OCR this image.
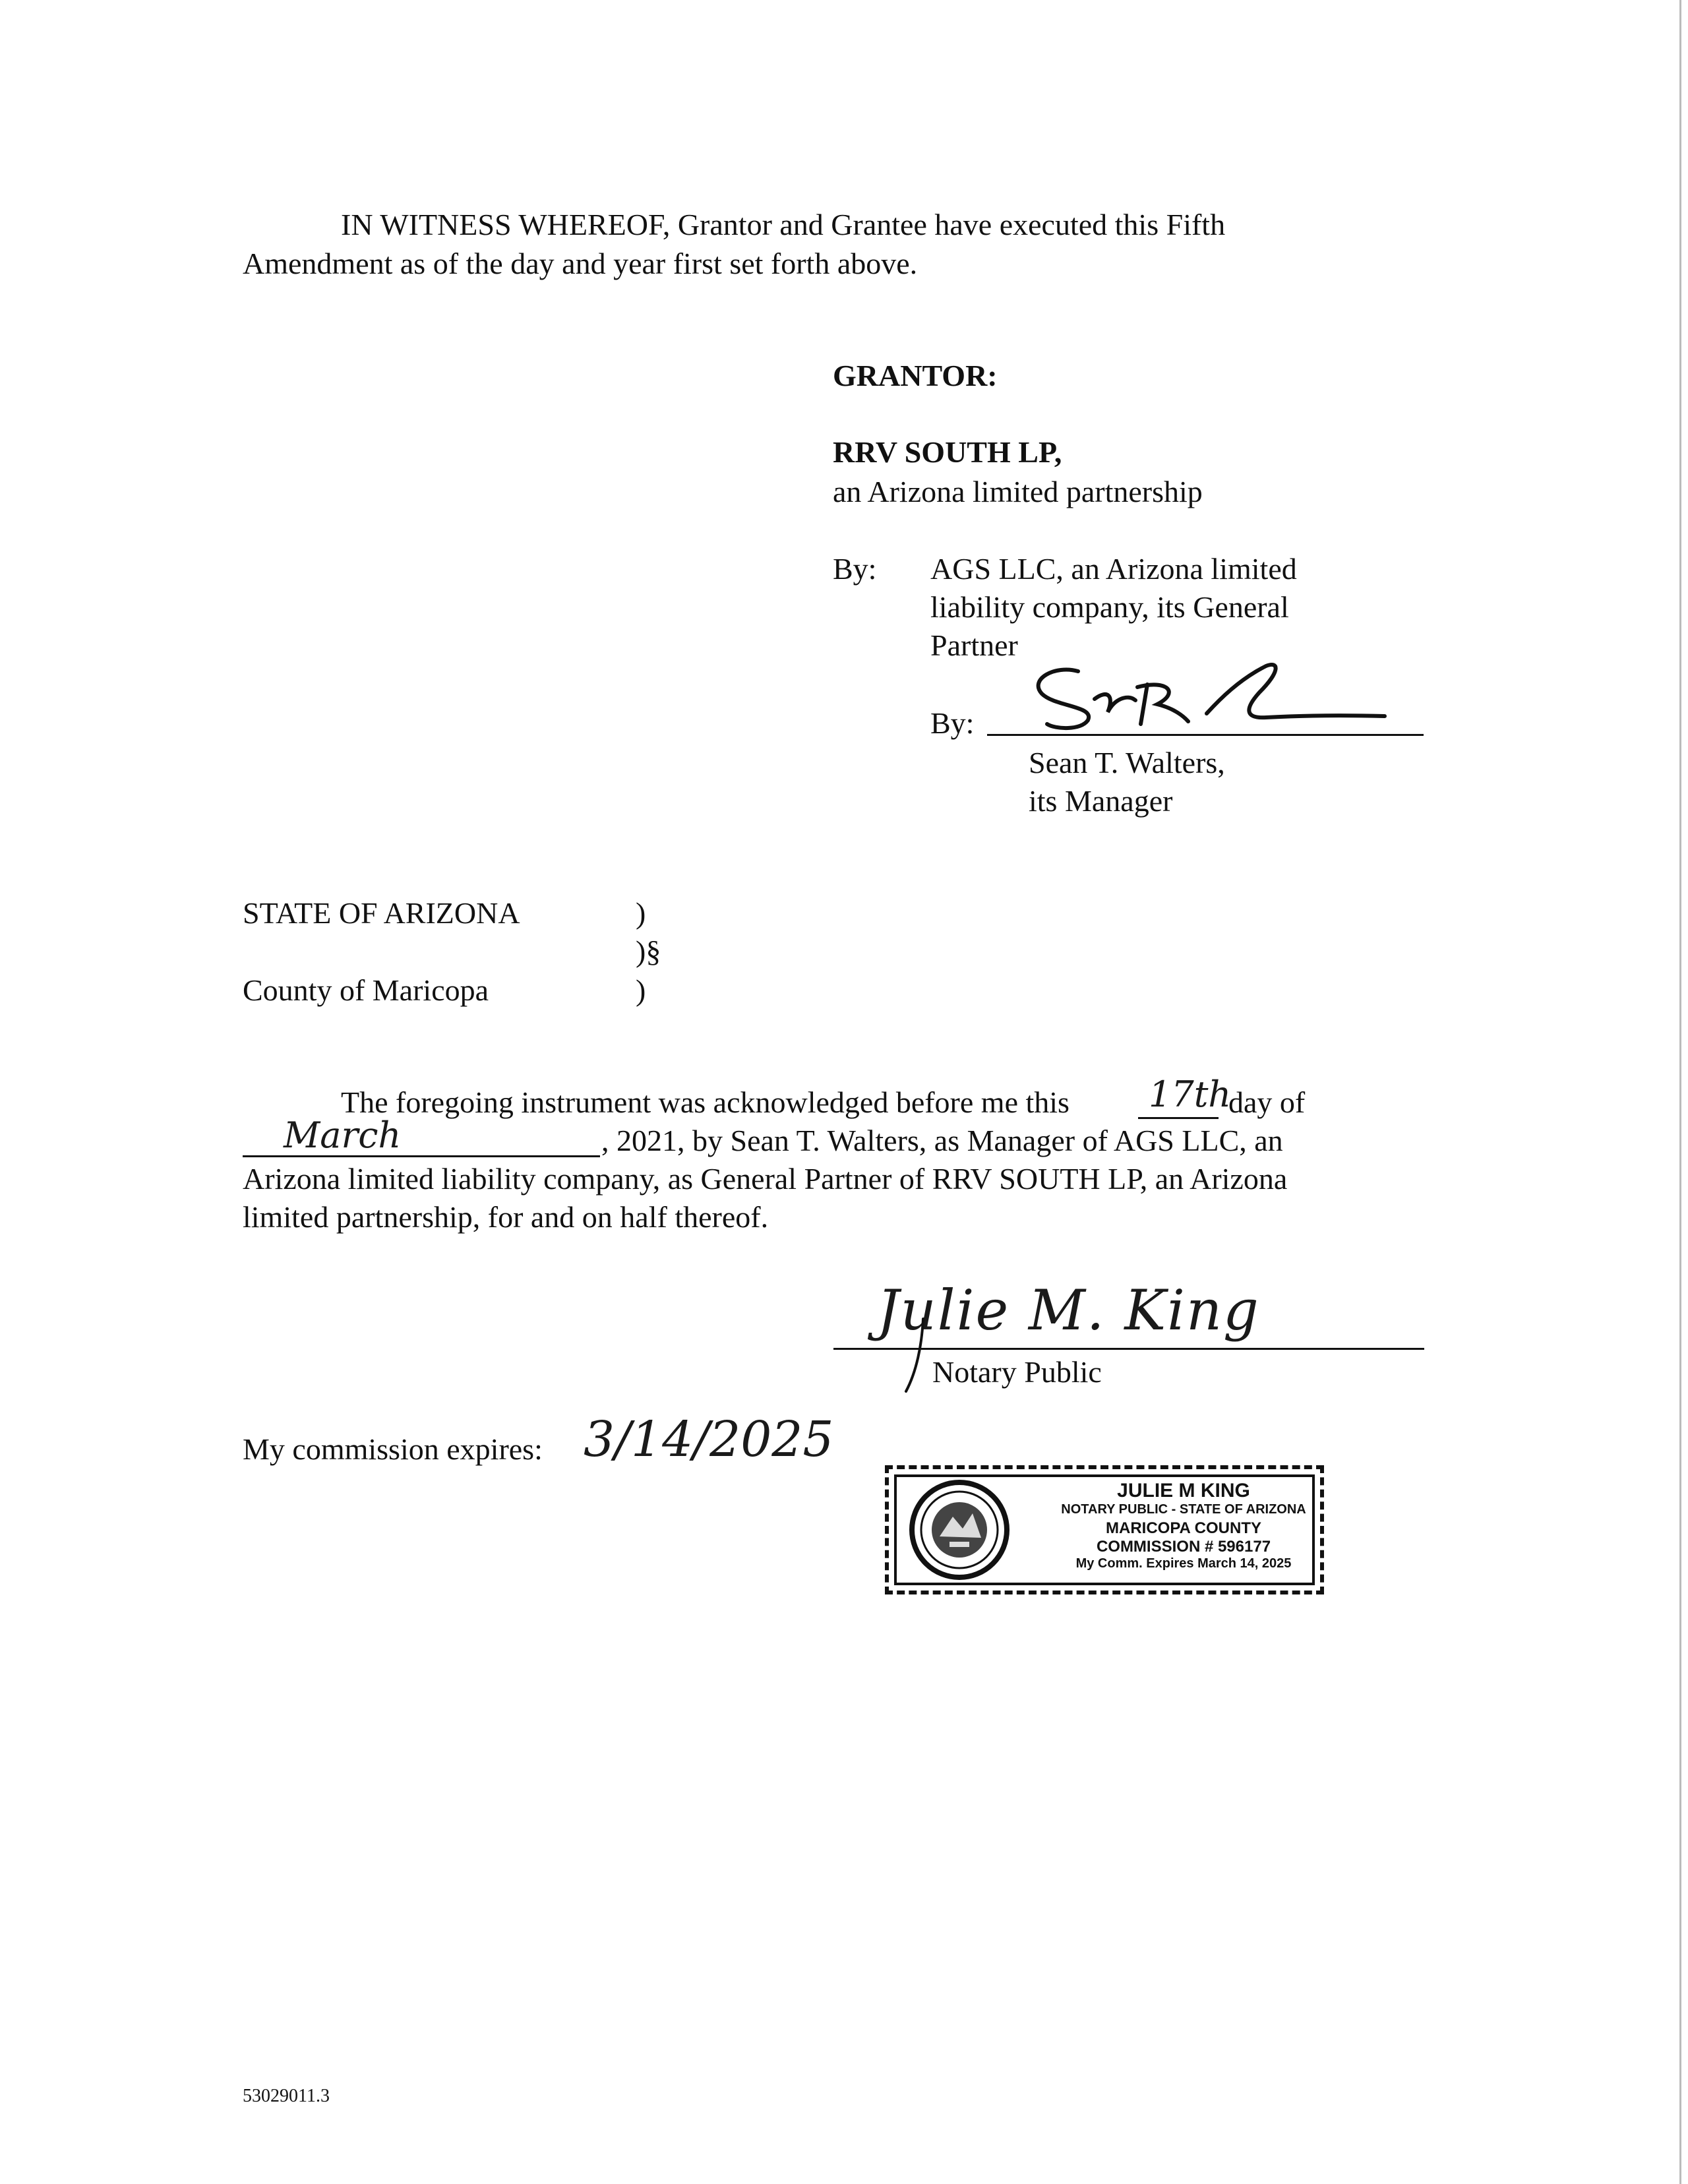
IN WITNESS WHEREOF, Grantor and Grantee have executed this Fifth
Amendment as of the day and year first set forth above.
GRANTOR:
RRV SOUTH LP,
an Arizona limited partnership
By: AGS LLC, an Arizona limited
liability company, its General
Partner
By:
Sean T. Walters,
its Manager
STATE OF ARIZONA	)
)§
County of Maricopa	)
The foregoing instrument was acknowledged before me this 17th
day of
March	, 2021, by Sean T. Walters, as Manager of AGS LLC, an
Arizona limited liability company, as General Partner of RRV SOUTH LP, an Arizona
limited partnership, for and on half thereof.
Julie M. King
Notary Public
My commission expires: 3/14/2025
JULIE M KING
NOTARY PUBLIC - STATE OF ARIZONA
MARICOPA COUNTY
COMMISSION # 596177
My Comm. Expires March 14, 2025
53029011.3
